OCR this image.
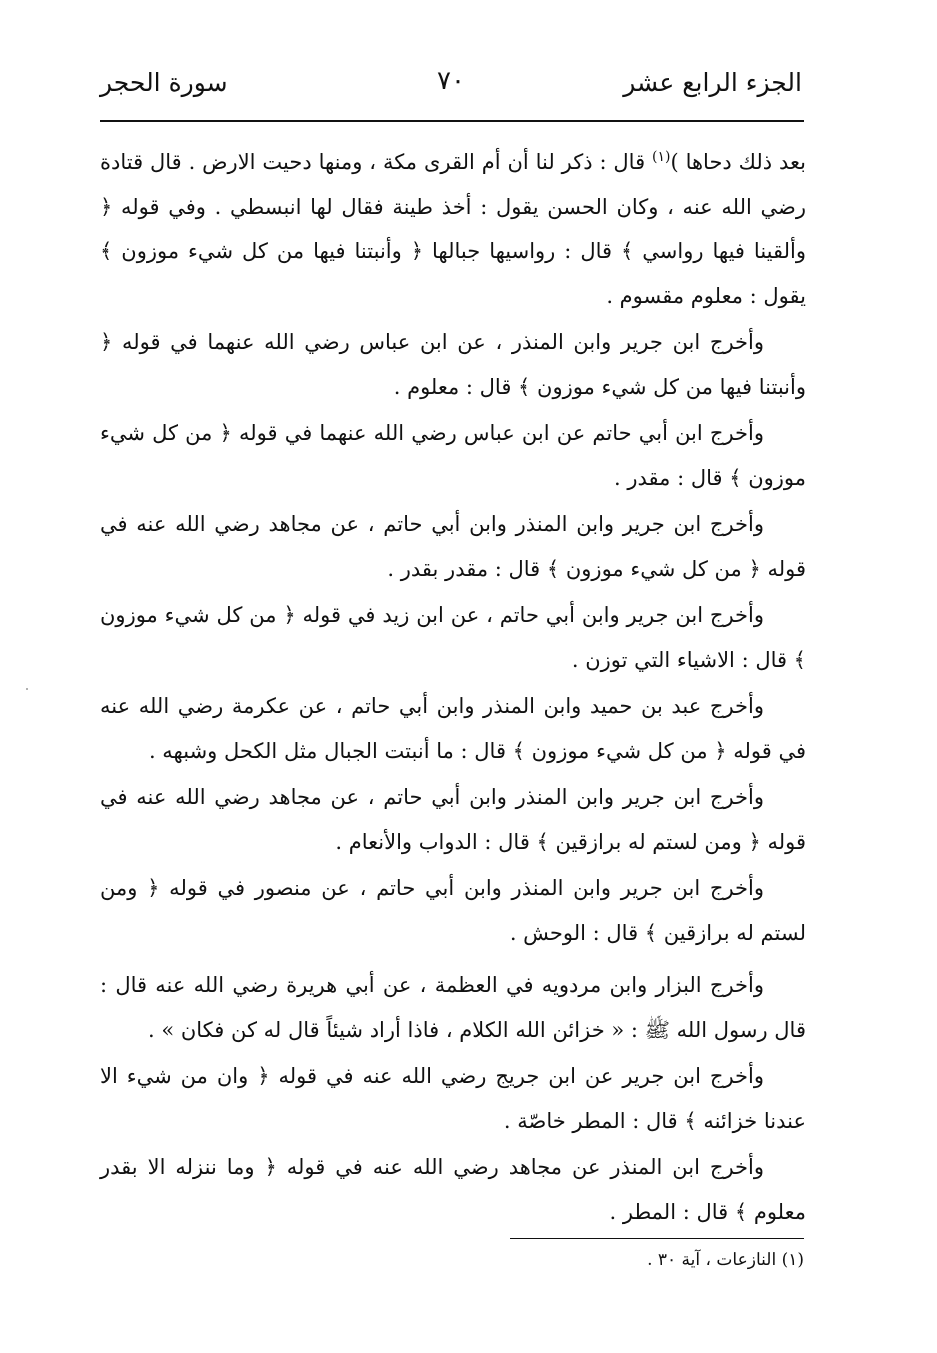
الجزء الرابع عشر
٧٠
سورة الحجر

بعد ذلك دحاها )$^{(١)}$ قال : ذكر لنا أن أم القرى مكة ، ومنها دحيت الارض . قال قتادة رضي الله عنه ، وكان الحسن يقول : أخذ طينة فقال لها انبسطي . وفي قوله ﴿ وألقينا فيها رواسي ﴾ قال : رواسيها جبالها ﴿ وأنبتنا فيها من كل شيء موزون ﴾ يقول : معلوم مقسوم .

وأخرج ابن جرير وابن المنذر ، عن ابن عباس رضي الله عنهما في قوله ﴿ وأنبتنا فيها من كل شيء موزون ﴾ قال : معلوم .

وأخرج ابن أبي حاتم عن ابن عباس رضي الله عنهما في قوله ﴿ من كل شيء موزون ﴾ قال : مقدر .

وأخرج ابن جرير وابن المنذر وابن أبي حاتم ، عن مجاهد رضي الله عنه في قوله ﴿ من كل شيء موزون ﴾ قال : مقدر بقدر .

وأخرج ابن جرير وابن أبي حاتم ، عن ابن زيد في قوله ﴿ من كل شيء موزون ﴾ قال : الاشياء التي توزن .

وأخرج عبد بن حميد وابن المنذر وابن أبي حاتم ، عن عكرمة رضي الله عنه في قوله ﴿ من كل شيء موزون ﴾ قال : ما أنبتت الجبال مثل الكحل وشبهه .

وأخرج ابن جرير وابن المنذر وابن أبي حاتم ، عن مجاهد رضي الله عنه في قوله ﴿ ومن لستم له برازقين ﴾ قال : الدواب والأنعام .

وأخرج ابن جرير وابن المنذر وابن أبي حاتم ، عن منصور في قوله ﴿ ومن لستم له برازقين ﴾ قال : الوحش .

وأخرج البزار وابن مردويه في العظمة ، عن أبي هريرة رضي الله عنه قال : قال رسول الله ﷺ : « خزائن الله الكلام ، فاذا أراد شيئاً قال له كن فكان » .

وأخرج ابن جرير عن ابن جريج رضي الله عنه في قوله ﴿ وان من شيء الا عندنا خزائنه ﴾ قال : المطر خاصّة .

وأخرج ابن المنذر عن مجاهد رضي الله عنه في قوله ﴿ وما ننزله الا بقدر معلوم ﴾ قال : المطر .

(١) النازعات ، آية ٣٠ .
